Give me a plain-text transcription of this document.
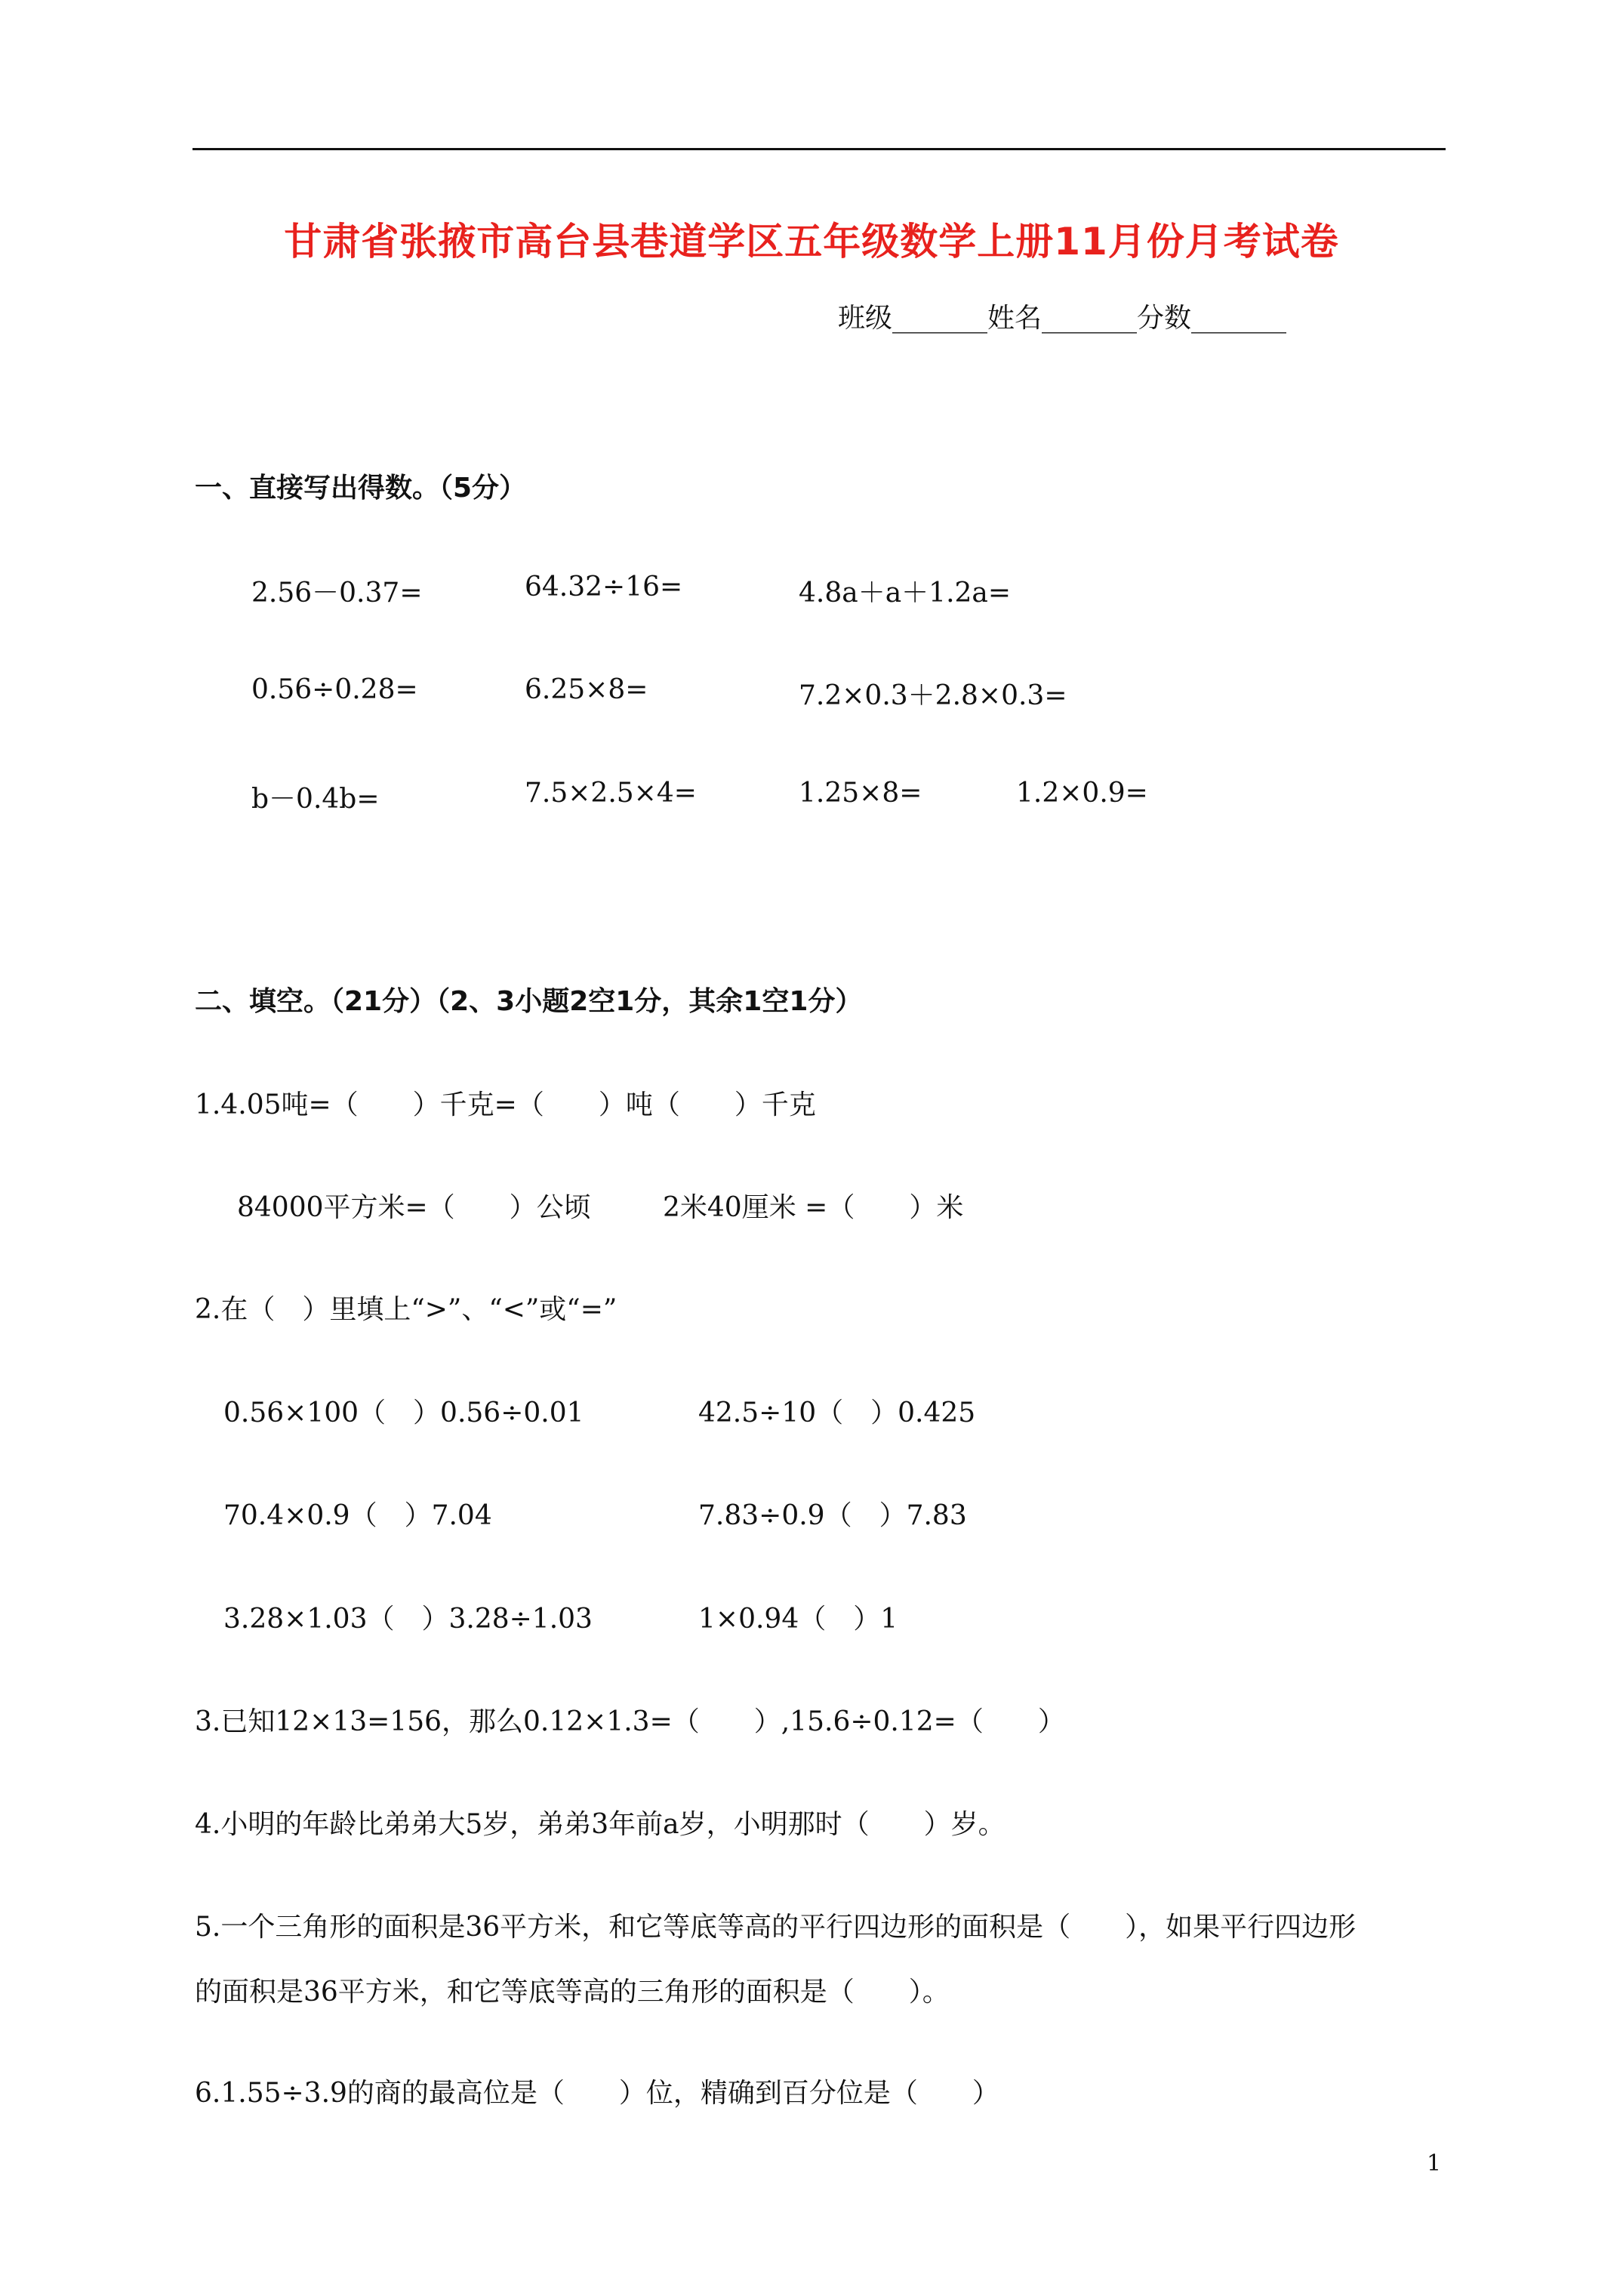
甘肃省张掖市高台县巷道学区五年级数学上册11月份月考试卷
班级_______姓名_______分数_______
一、直接写出得数。（5分）
2.56－0.37=	64.32÷16=	4.8a＋a＋1.2a=
0.56÷0.28=	6.25×8=	7.2×0.3＋2.8×0.3=
b－0.4b=	7.5×2.5×4=	1.25×8=	1.2×0.9=
二、填空。（21分）（2、3小题2空1分，其余1空1分）
1.4.05吨=（　　）千克=（　　）吨（　　）千克
84000平方米=（　　）公顷	2米40厘米 =（　　）米
2.在（　）里填上“>”、“<”或“=”
0.56×100（　）0.56÷0.01	42.5÷10（　）0.425
70.4×0.9（　）7.04	7.83÷0.9（　）7.83
3.28×1.03（　）3.28÷1.03	1×0.94（　）1
3.已知12×13=156，那么0.12×1.3=（　　）,15.6÷0.12=（　　）
4.小明的年龄比弟弟大5岁，弟弟3年前a岁，小明那时（　　）岁。
5.一个三角形的面积是36平方米，和它等底等高的平行四边形的面积是（　　），如果平行四边形
的面积是36平方米，和它等底等高的三角形的面积是（　　）。
6.1.55÷3.9的商的最高位是（　　）位，精确到百分位是（　　）
1
